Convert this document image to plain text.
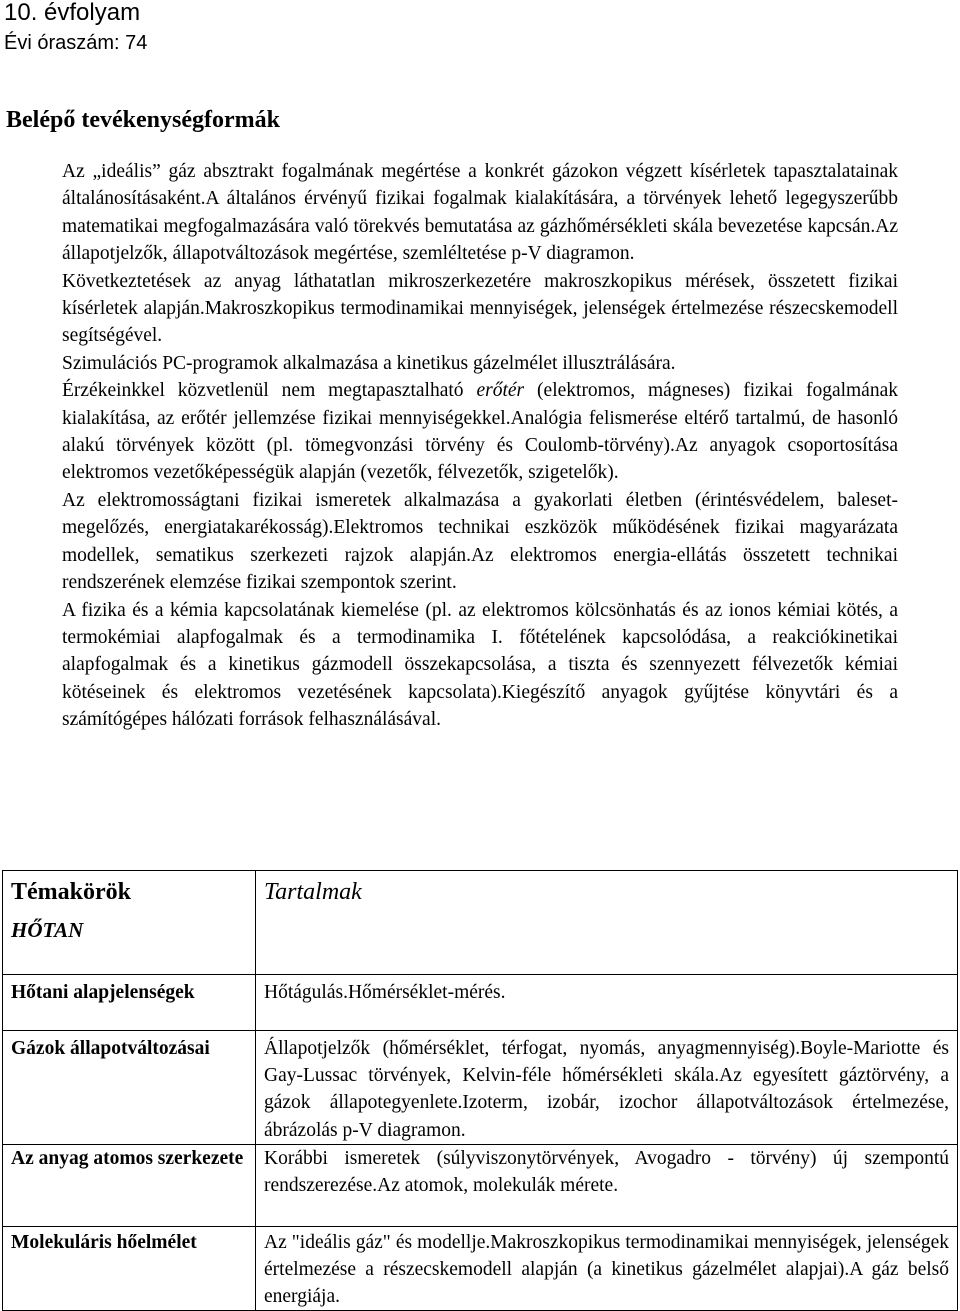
10. évfolyam
Évi óraszám: 74
Belépő tevékenységformák

Az „ideális” gáz absztrakt fogalmának megértése a konkrét gázokon végzett kísérletek tapasztalatainak általánosításaként.A általános érvényű fizikai fogalmak kialakítására, a törvények lehető legegyszerűbb matematikai megfogalmazására való törekvés bemutatása az gázhőmérsékleti skála bevezetése kapcsán.Az állapotjelzők, állapotváltozások megértése, szemléltetése p-V diagramon.

Következtetések az anyag láthatatlan mikroszerkezetére makroszkopikus mérések, összetett fizikai kísérletek alapján.Makroszkopikus termodinamikai mennyiségek, jelenségek értelmezése részecskemodell segítségével.

Szimulációs PC-programok alkalmazása a kinetikus gázelmélet illusztrálására.

Érzékeinkkel közvetlenül nem megtapasztalható erőtér (elektromos, mágneses) fizikai fogalmának kialakítása, az erőtér jellemzése fizikai mennyiségekkel.Analógia felismerése eltérő tartalmú, de hasonló alakú törvények között (pl. tömegvonzási törvény és Coulomb-törvény).Az anyagok csoportosítása elektromos vezetőképességük alapján (vezetők, félvezetők, szigetelők).

Az elektromosságtani fizikai ismeretek alkalmazása a gyakorlati életben (érintésvédelem, baleset-megelőzés, energiatakarékosság).Elektromos technikai eszközök működésének fizikai magyarázata modellek, sematikus szerkezeti rajzok alapján.Az elektromos energia-ellátás összetett technikai rendszerének elemzése fizikai szempontok szerint.

A fizika és a kémia kapcsolatának kiemelése (pl. az elektromos kölcsönhatás és az ionos kémiai kötés, a termokémiai alapfogalmak és a termodinamika I. főtételének kapcsolódása, a reakciókinetikai alapfogalmak és a kinetikus gázmodell összekapcsolása, a tiszta és szennyezett félvezetők kémiai kötéseinek és elektromos vezetésének kapcsolata).Kiegészítő anyagok gyűjtése könyvtári és a számítógépes hálózati források felhasználásával.

Témakörök
HŐTAN	Tartalmak

Hőtani alapjelenségek	Hőtágulás.Hőmérséklet-mérés.
Gázok állapotváltozásai	Állapotjelzők (hőmérséklet, térfogat, nyomás, anyagmennyiség).Boyle-Mariotte és Gay-Lussac törvények, Kelvin-féle hőmérsékleti skála.Az egyesített gáztörvény, a gázok állapotegyenlete.Izoterm, izobár, izochor állapotváltozások értelmezése, ábrázolás p-V diagramon.
Az anyag atomos szerkezete	Korábbi ismeretek (súlyviszonytörvények, Avogadro - törvény) új szempontú rendszerezése.Az atomok, molekulák mérete.
Molekuláris hőelmélet	Az "ideális gáz" és modellje.Makroszkopikus termodinamikai mennyiségek, jelenségek értelmezése a részecskemodell alapján (a kinetikus gázelmélet alapjai).A gáz belső energiája.
